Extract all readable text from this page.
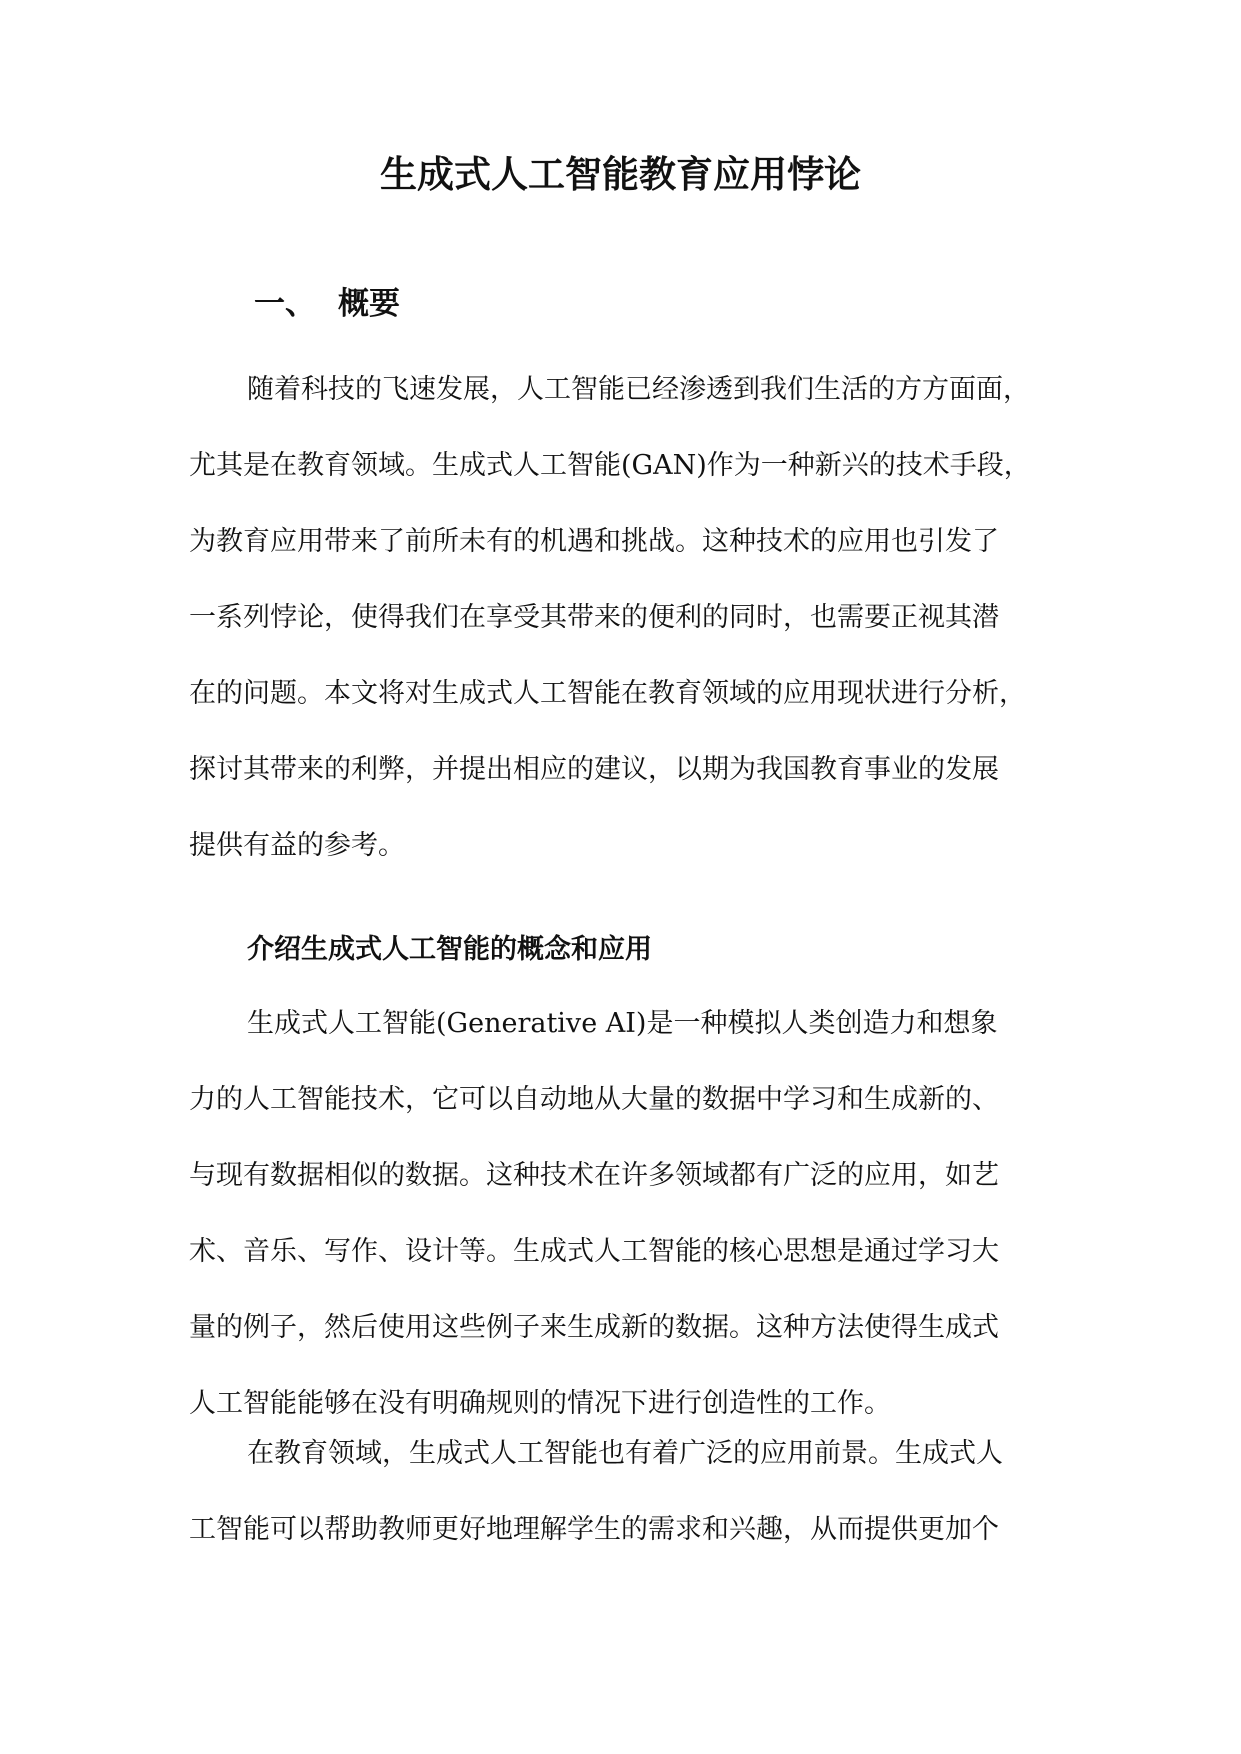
生成式人工智能教育应用悖论
一、 概要

随着科技的飞速发展，人工智能已经渗透到我们生活的方方面面，
尤其是在教育领域。生成式人工智能(GAN)作为一种新兴的技术手段，
为教育应用带来了前所未有的机遇和挑战。这种技术的应用也引发了
一系列悖论，使得我们在享受其带来的便利的同时，也需要正视其潜
在的问题。本文将对生成式人工智能在教育领域的应用现状进行分析，
探讨其带来的利弊，并提出相应的建议，以期为我国教育事业的发展
提供有益的参考。

介绍生成式人工智能的概念和应用

生成式人工智能(Generative AI)是一种模拟人类创造力和想象
力的人工智能技术，它可以自动地从大量的数据中学习和生成新的、
与现有数据相似的数据。这种技术在许多领域都有广泛的应用，如艺
术、音乐、写作、设计等。生成式人工智能的核心思想是通过学习大
量的例子，然后使用这些例子来生成新的数据。这种方法使得生成式
人工智能能够在没有明确规则的情况下进行创造性的工作。

在教育领域，生成式人工智能也有着广泛的应用前景。生成式人
工智能可以帮助教师更好地理解学生的需求和兴趣，从而提供更加个
